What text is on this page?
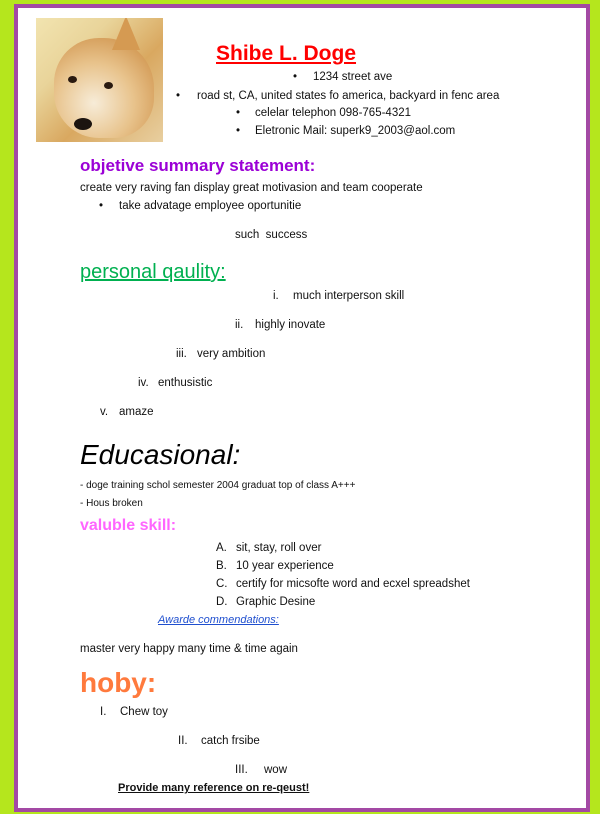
Shibe L. Doge
• 1234 street ave
• road st, CA, united states fo america, backyard in fenc area
• celelar telephon 098-765-4321
• Eletronic Mail: superk9_2003@aol.com
objetive summary statement:
create very raving fan display great motivasion and team cooperate
• take advatage employee oportunitie
such  success
personal qaulity:
i. much interperson skill
ii. highly inovate
iii. very ambition
iv. enthusistic
v. amaze
Educasional:
- doge training schol semester 2004 graduat top of class A+++
- Hous broken
valuble skill:
A. sit, stay, roll over
B. 10 year experience
C. certify for micsofte word and ecxel spreadshet
D. Graphic Desine
Awarde commendations:
master very happy many time & time again
hoby:
I. Chew toy
II. catch frsibe
III. wow
Provide many reference on re-qeust!
